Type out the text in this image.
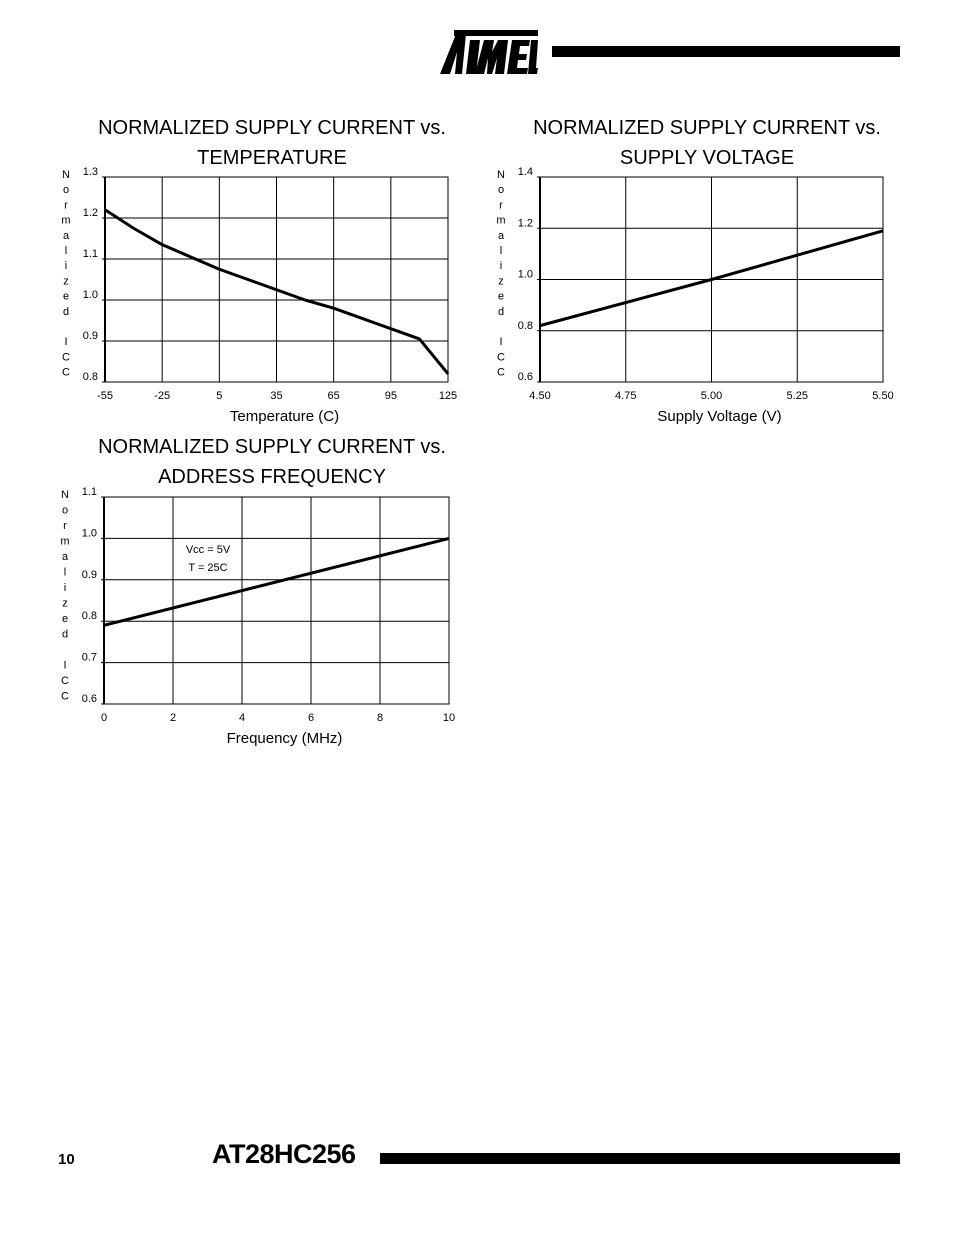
NORMALIZED SUPPLY CURRENT vs.
TEMPERATURE
-55	-25	5	35	65	95	125
1.3
1.2
1.1
1.0
0.9
0.8
N
o
r
m
a
l
i
z
e
d
I
C
C
Temperature (C)
NORMALIZED SUPPLY CURRENT vs.
SUPPLY VOLTAGE
4.50	4.75	5.00	5.25	5.50
1.4
1.2
1.0
0.8
0.6
N
o
r
m
a
l
i
z
e
d
I
C
C
Supply Voltage (V)
NORMALIZED SUPPLY CURRENT vs.
ADDRESS FREQUENCY
0	2	4	6	8	10
1.1
1.0
0.9
0.8
0.7
0.6
N
o
r
m
a
l
i
z
e
d
I
C
C
Frequency (MHz)
Vcc = 5V
T = 25C
10	AT28HC256
